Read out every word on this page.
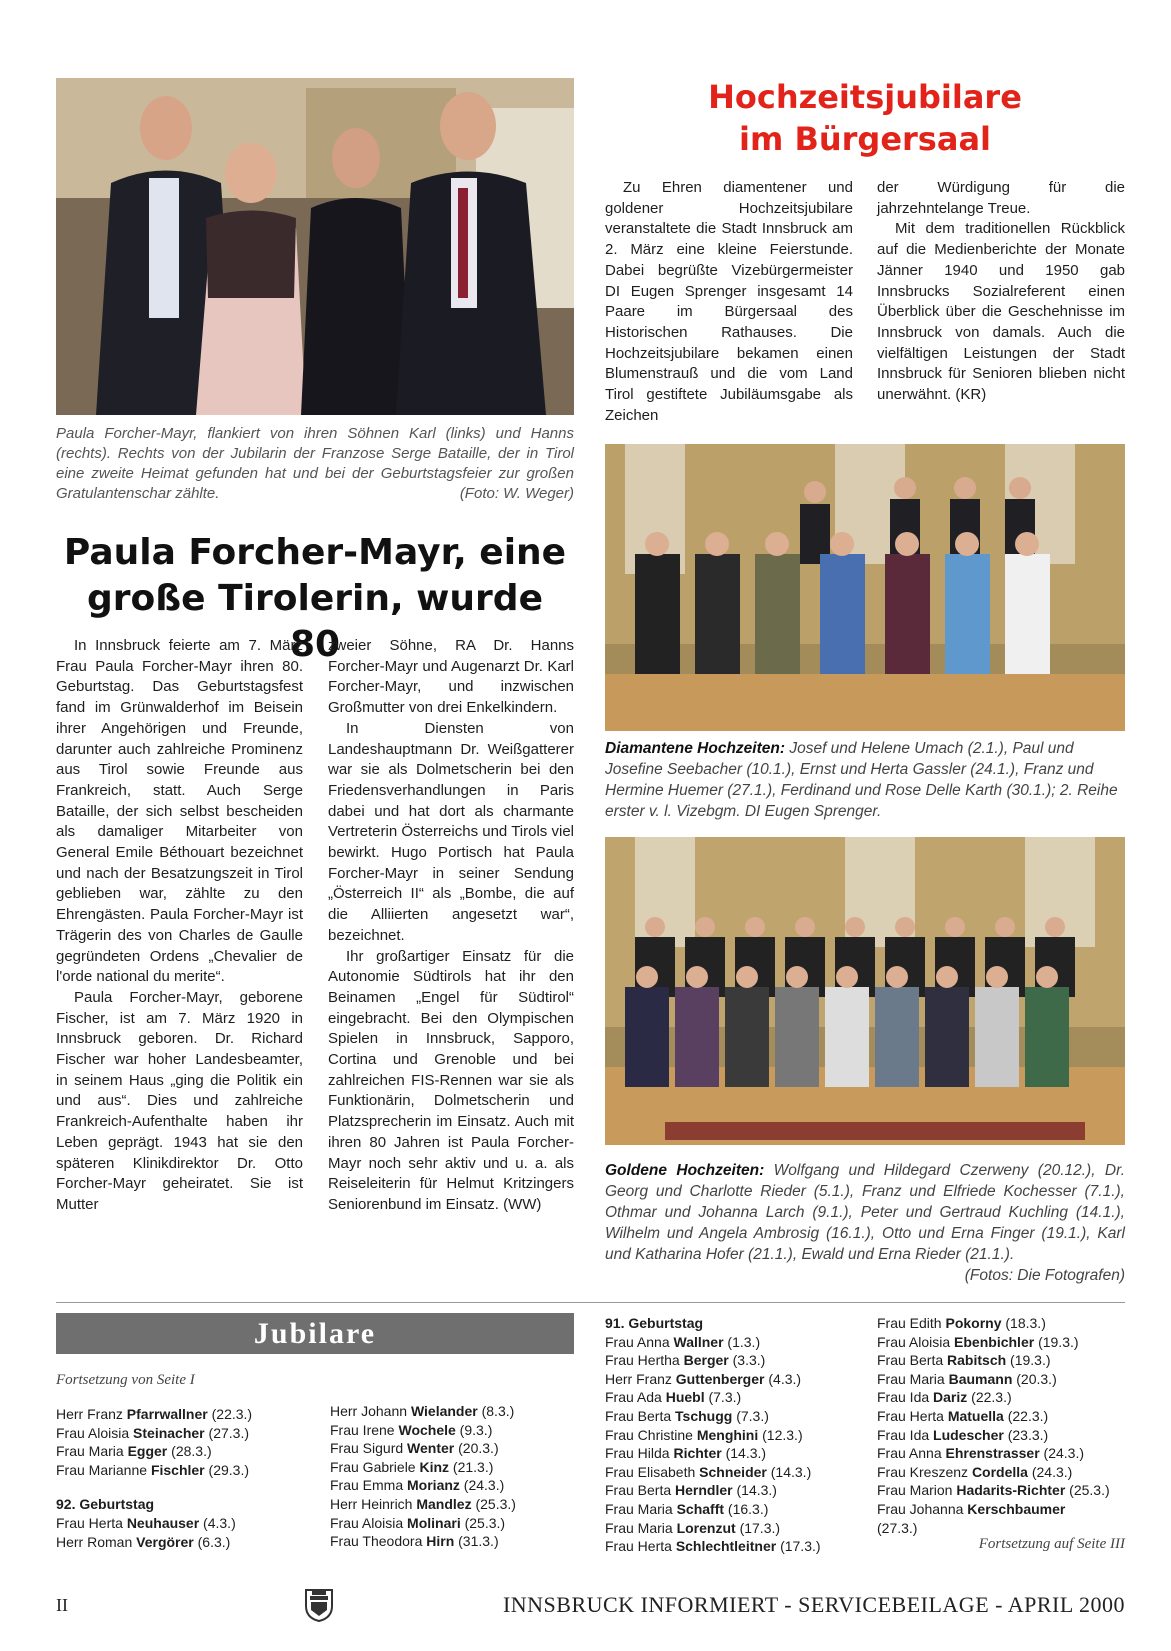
Paula Forcher-Mayr, flankiert von ihren Söhnen Karl (links) und Hanns (rechts). Rechts von der Jubilarin der Franzose Serge Bataille, der in Tirol eine zweite Heimat gefunden hat und bei der Geburtstagsfeier zur großen Gratulantenschar zählte.	(Foto: W. Weger)
Paula Forcher-Mayr, eine
große Tirolerin, wurde 80

In Innsbruck feierte am 7. März Frau Paula Forcher-Mayr ihren 80. Geburtstag. Das Geburtstagsfest fand im Grünwalderhof im Beisein ihrer Angehörigen und Freunde, darunter auch zahlreiche Prominenz aus Tirol sowie Freunde aus Frankreich, statt. Auch Serge Bataille, der sich selbst bescheiden als damaliger Mitarbeiter von General Emile Béthouart bezeichnet und nach der Besatzungszeit in Tirol geblieben war, zählte zu den Ehrengästen. Paula Forcher-Mayr ist Trägerin des von Charles de Gaulle gegründeten Ordens „Chevalier de l'orde national du merite“.

Paula Forcher-Mayr, geborene Fischer, ist am 7. März 1920 in Innsbruck geboren. Dr. Richard Fischer war hoher Landesbeamter, in seinem Haus „ging die Politik ein und aus“. Dies und zahlreiche Frankreich-Aufenthalte haben ihr Leben geprägt. 1943 hat sie den späteren Klinikdirektor Dr. Otto Forcher-Mayr geheiratet. Sie ist Mutter

zweier Söhne, RA Dr. Hanns Forcher-Mayr und Augenarzt Dr. Karl Forcher-Mayr, und inzwischen Großmutter von drei Enkelkindern.

In Diensten von Landeshauptmann Dr. Weißgatterer war sie als Dolmetscherin bei den Friedensverhandlungen in Paris dabei und hat dort als charmante Vertreterin Österreichs und Tirols viel bewirkt. Hugo Portisch hat Paula Forcher-Mayr in seiner Sendung „Österreich II“ als „Bombe, die auf die Alliierten angesetzt war“, bezeichnet.

Ihr großartiger Einsatz für die Autonomie Südtirols hat ihr den Beinamen „Engel für Südtirol“ eingebracht. Bei den Olympischen Spielen in Innsbruck, Sapporo, Cortina und Grenoble und bei zahlreichen FIS-Rennen war sie als Funktionärin, Dolmetscherin und Platzsprecherin im Einsatz. Auch mit ihren 80 Jahren ist Paula Forcher-Mayr noch sehr aktiv und u. a. als Reiseleiterin für Helmut Kritzingers Seniorenbund im Einsatz. (WW)

Hochzeitsjubilare
im Bürgersaal

Zu Ehren diamentener und goldener Hochzeitsjubilare veranstaltete die Stadt Innsbruck am 2. März eine kleine Feierstunde. Dabei begrüßte Vizebürgermeister DI Eugen Sprenger insgesamt 14 Paare im Bürgersaal des Historischen Rathauses. Die Hochzeitsjubilare bekamen einen Blumenstrauß und die vom Land Tirol gestiftete Jubiläumsgabe als Zeichen

der Würdigung für die jahrzehntelange Treue.

Mit dem traditionellen Rückblick auf die Medienberichte der Monate Jänner 1940 und 1950 gab Innsbrucks Sozialreferent einen Überblick über die Geschehnisse im Innsbruck von damals. Auch die vielfältigen Leistungen der Stadt Innsbruck für Senioren blieben nicht unerwähnt. (KR)

Diamantene Hochzeiten: Josef und Helene Umach (2.1.), Paul und Josefine Seebacher (10.1.), Ernst und Herta Gassler (24.1.), Franz und Hermine Huemer (27.1.), Ferdinand und Rose Delle Karth (30.1.); 2. Reihe erster v. l. Vizebgm. DI Eugen Sprenger.
Goldene Hochzeiten: Wolfgang und Hildegard Czerweny (20.12.), Dr. Georg und Charlotte Rieder (5.1.), Franz und Elfriede Kochesser (7.1.), Othmar und Johanna Larch (9.1.), Peter und Gertraud Kuchling (14.1.), Wilhelm und Angela Ambrosig (16.1.), Otto und Erna Finger (19.1.), Karl und Katharina Hofer (21.1.), Ewald und Erna Rieder (21.1.).
(Fotos: Die Fotografen)
Jubilare
Fortsetzung von Seite I
Herr Franz Pfarrwallner (22.3.)
Frau Aloisia Steinacher (27.3.)
Frau Maria Egger (28.3.)
Frau Marianne Fischler (29.3.)
92. Geburtstag
Frau Herta Neuhauser (4.3.)
Herr Roman Vergörer (6.3.)
Herr Johann Wielander (8.3.)
Frau Irene Wochele (9.3.)
Frau Sigurd Wenter (20.3.)
Frau Gabriele Kinz (21.3.)
Frau Emma Morianz (24.3.)
Herr Heinrich Mandlez (25.3.)
Frau Aloisia Molinari (25.3.)
Frau Theodora Hirn (31.3.)
91. Geburtstag
Frau Anna Wallner (1.3.)
Frau Hertha Berger (3.3.)
Herr Franz Guttenberger (4.3.)
Frau Ada Huebl (7.3.)
Frau Berta Tschugg (7.3.)
Frau Christine Menghini (12.3.)
Frau Hilda Richter (14.3.)
Frau Elisabeth Schneider (14.3.)
Frau Berta Herndler (14.3.)
Frau Maria Schafft (16.3.)
Frau Maria Lorenzut (17.3.)
Frau Herta Schlechtleitner (17.3.)
Frau Edith Pokorny (18.3.)
Frau Aloisia Ebenbichler (19.3.)
Frau Berta Rabitsch (19.3.)
Frau Maria Baumann (20.3.)
Frau Ida Dariz (22.3.)
Frau Herta Matuella (22.3.)
Frau Ida Ludescher (23.3.)
Frau Anna Ehrenstrasser (24.3.)
Frau Kreszenz Cordella (24.3.)
Frau Marion Hadarits-Richter (25.3.)
Frau Johanna Kerschbaumer
(27.3.)
Fortsetzung auf Seite III
II	INNSBRUCK INFORMIERT - SERVICEBEILAGE - APRIL 2000
